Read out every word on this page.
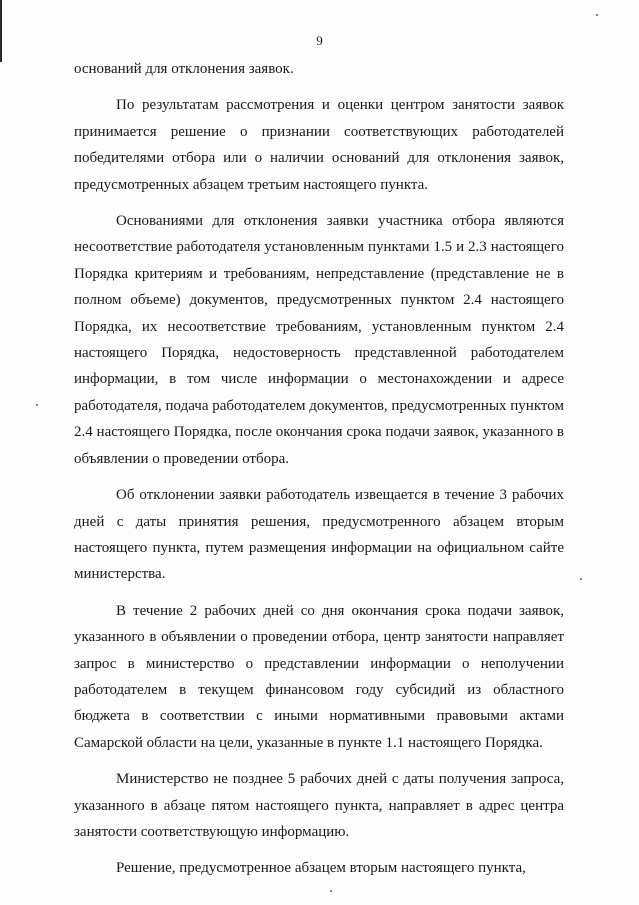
9

оснований для отклонения заявок.

По результатам рассмотрения и оценки центром занятости заявок принимается решение о признании соответствующих работодателей победителями отбора или о наличии оснований для отклонения заявок, предусмотренных абзацем третьим настоящего пункта.

Основаниями для отклонения заявки участника отбора являются несоответствие работодателя установленным пунктами 1.5 и 2.3 настоящего Порядка критериям и требованиям, непредставление (представление не в полном объеме) документов, предусмотренных пунктом 2.4 настоящего Порядка, их несоответствие требованиям, установленным пунктом 2.4 настоящего Порядка, недостоверность представленной работодателем информации, в том числе информации о местонахождении и адресе работодателя, подача работодателем документов, предусмотренных пунктом 2.4 настоящего Порядка, после окончания срока подачи заявок, указанного в объявлении о проведении отбора.

Об отклонении заявки работодатель извещается в течение 3 рабочих дней с даты принятия решения, предусмотренного абзацем вторым настоящего пункта, путем размещения информации на официальном сайте министерства.

В течение 2 рабочих дней со дня окончания срока подачи заявок, указанного в объявлении о проведении отбора, центр занятости направляет запрос в министерство о представлении информации о неполучении работодателем в текущем финансовом году субсидий из областного бюджета в соответствии с иными нормативными правовыми актами Самарской области на цели, указанные в пункте 1.1 настоящего Порядка.

Министерство не позднее 5 рабочих дней с даты получения запроса, указанного в абзаце пятом настоящего пункта, направляет в адрес центра занятости соответствующую информацию.

Решение, предусмотренное абзацем вторым настоящего пункта,
